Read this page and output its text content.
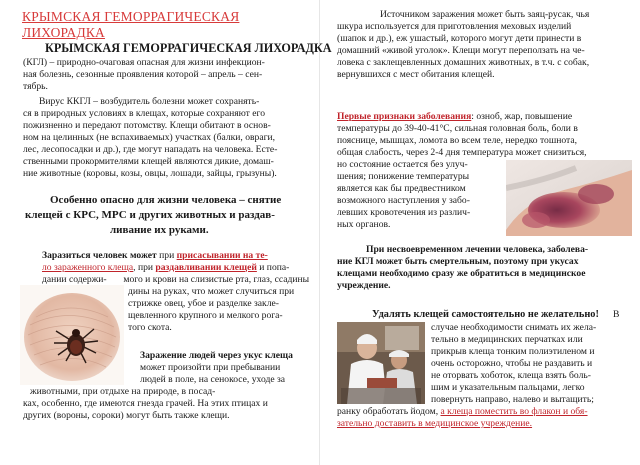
КРЫМСКАЯ ГЕМОРРАГИЧЕСКАЯ ЛИХОРАДКА
КРЫМСКАЯ ГЕМОРРАГИЧЕСКАЯ ЛИХОРАДКА
(КГЛ) – природно-очаговая опасная для жизни инфекцион-
ная болезнь, сезонные проявления которой – апрель – сен-
тябрь.
Вирус ККГЛ – возбудитель болезни может сохранять-
ся в природных условиях в клещах, которые сохраняют его
пожизненно и передают потомству. Клещи обитают в основ-
ном на целинных (не вспахиваемых) участках (балки, овраги,
лес, лесопосадки и др.), где могут нападать на человека. Есте-
ственными прокормителями клещей являются дикие, домаш-
ние животные (коровы, козы, овцы, лошади, зайцы, грызуны).
Особенно опасно для жизни человека – снятие
клещей с КРС, МРС и других животных и раздав-
ливание их руками.
Заразиться человек может при присасывании на те-
ло зараженного клеща, при раздавливании клещей и попа-
дании содержи-       мого и крови на слизистые рта, глаз, ссадины
дины на руках, что может случиться при
стрижке овец, убое и разделке заклe-
щевленного крупного и мелкого рога-
того скота.
Заражение людей через укус клеща
может произойти при пребывании
людей в поле, на сенокосе, уходе за
животными, при отдыхе на природе, в посад-
ках, особенно, где имеются гнезда грачей. На этих птицах и
других (вороны, сороки) могут быть также клещи.
Источником заражения может быть заяц-русак, чья
шкура используется для приготовления меховых изделий
(шапок и др.), еж ушастый, которого могут дети принести в
домашний «живой уголок». Клещи могут переползать на че-
ловека с заклещевленных домашних животных, в т.ч. с собак,
вернувшихся с мест обитания клещей.
Первые признаки заболевания: озноб, жар, повышение
температуры до 39-40-41°С, сильная головная боль, боли в
пояснице, мышцах, ломота во всем теле, нередко тошнота,
общая слабость, через 2-4 дня температура может снизиться,
но состояние остается без улуч-
шения; понижение температуры
является как бы предвестником
возможного наступления у забо-
левших кровотечения из различ-
ных органов.
При несвоевременном лечении человека, заболева-
ние КГЛ может быть смертельным, поэтому при укусах
клещами необходимо сразу же обратиться в медицинское
учреждение.
Удалять клещей самостоятельно не желательно! В
случае необходимости снимать их жела-
тельно в медицинских перчатках или
прикрыв клеща тонким полиэтиленом и
очень осторожно, чтобы не раздавить и
не оторвать хоботок, клеща взять боль-
шим и указательным пальцами, легко
повернуть направо, налево и вытащить;
ранку обработать йодом, а клеща поместить во флакон и обя-
зательно доставить в медицинское учреждение.
